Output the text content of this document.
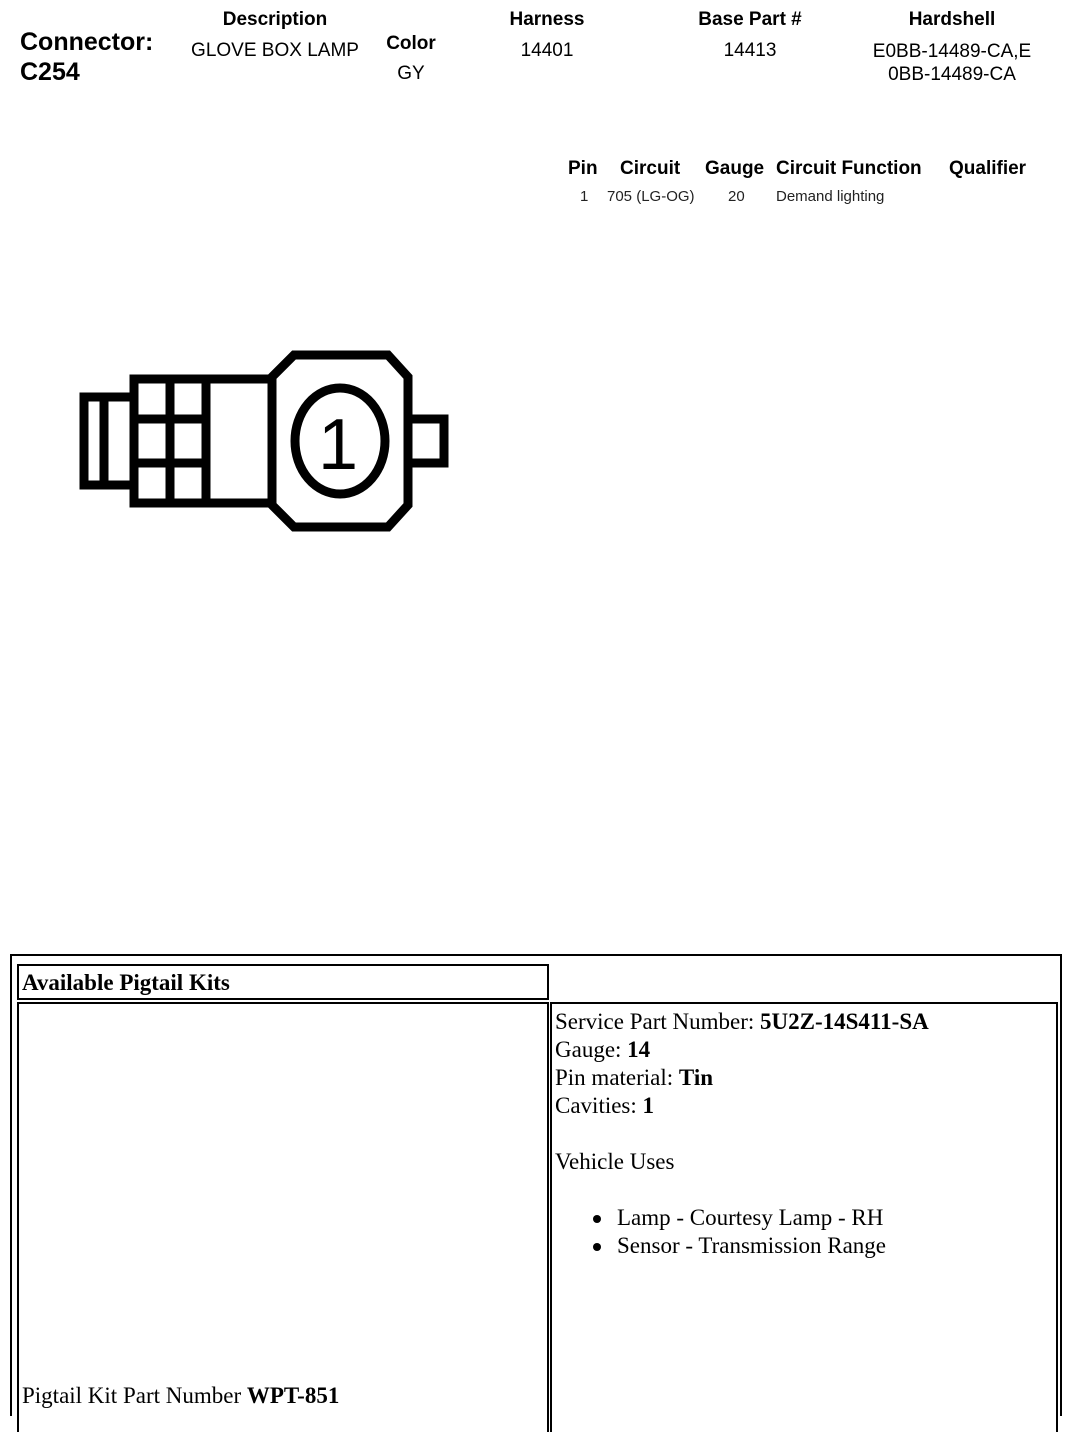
Connector:
C254
Description
GLOVE BOX LAMP	Color
GY
Harness
14401
Base Part #
14413
Hardshell
E0BB-14489-CA,E0BB-14489-CA
Pin Circuit Gauge Circuit Function Qualifier
1 705 (LG-OG) 20 Demand lighting
1
Available Pigtail Kits
Pigtail Kit Part Number WPT-851
Service Part Number: 5U2Z-14S411-SA
Gauge: 14
Pin material: Tin
Cavities: 1
Vehicle Uses
Lamp - Courtesy Lamp - RH
Sensor - Transmission Range
